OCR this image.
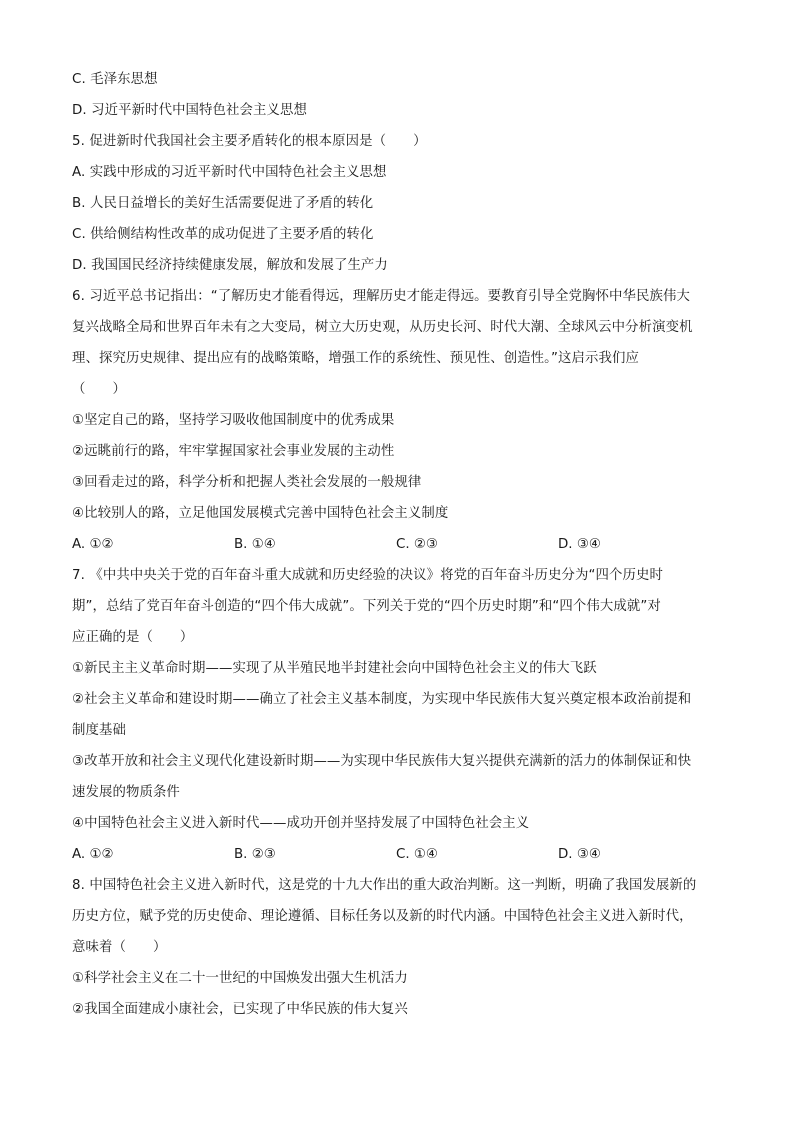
C. 毛泽东思想
D. 习近平新时代中国特色社会主义思想
5. 促进新时代我国社会主要矛盾转化的根本原因是（　　）
A. 实践中形成的习近平新时代中国特色社会主义思想
B. 人民日益增长的美好生活需要促进了矛盾的转化
C. 供给侧结构性改革的成功促进了主要矛盾的转化
D. 我国国民经济持续健康发展，解放和发展了生产力
6. 习近平总书记指出：“了解历史才能看得远，理解历史才能走得远。要教育引导全党胸怀中华民族伟大
复兴战略全局和世界百年未有之大变局，树立大历史观，从历史长河、时代大潮、全球风云中分析演变机
理、探究历史规律、提出应有的战略策略，增强工作的系统性、预见性、创造性。”这启示我们应
（　　）
①坚定自己的路，坚持学习吸收他国制度中的优秀成果
②远眺前行的路，牢牢掌握国家社会事业发展的主动性
③回看走过的路，科学分析和把握人类社会发展的一般规律
④比较别人的路，立足他国发展模式完善中国特色社会主义制度
A. ①②	B. ①④	C. ②③	D. ③④
7. 《中共中央关于党的百年奋斗重大成就和历史经验的决议》将党的百年奋斗历史分为“四个历史时
期”，总结了党百年奋斗创造的“四个伟大成就”。下列关于党的“四个历史时期”和“四个伟大成就”对
应正确的是（　　）
①新民主主义革命时期——实现了从半殖民地半封建社会向中国特色社会主义的伟大飞跃
②社会主义革命和建设时期——确立了社会主义基本制度，为实现中华民族伟大复兴奠定根本政治前提和
制度基础
③改革开放和社会主义现代化建设新时期——为实现中华民族伟大复兴提供充满新的活力的体制保证和快
速发展的物质条件
④中国特色社会主义进入新时代——成功开创并坚持发展了中国特色社会主义
A. ①②	B. ②③	C. ①④	D. ③④
8. 中国特色社会主义进入新时代，这是党的十九大作出的重大政治判断。这一判断，明确了我国发展新的
历史方位，赋予党的历史使命、理论遵循、目标任务以及新的时代内涵。中国特色社会主义进入新时代，
意味着（　　）
①科学社会主义在二十一世纪的中国焕发出强大生机活力
②我国全面建成小康社会，已实现了中华民族的伟大复兴
